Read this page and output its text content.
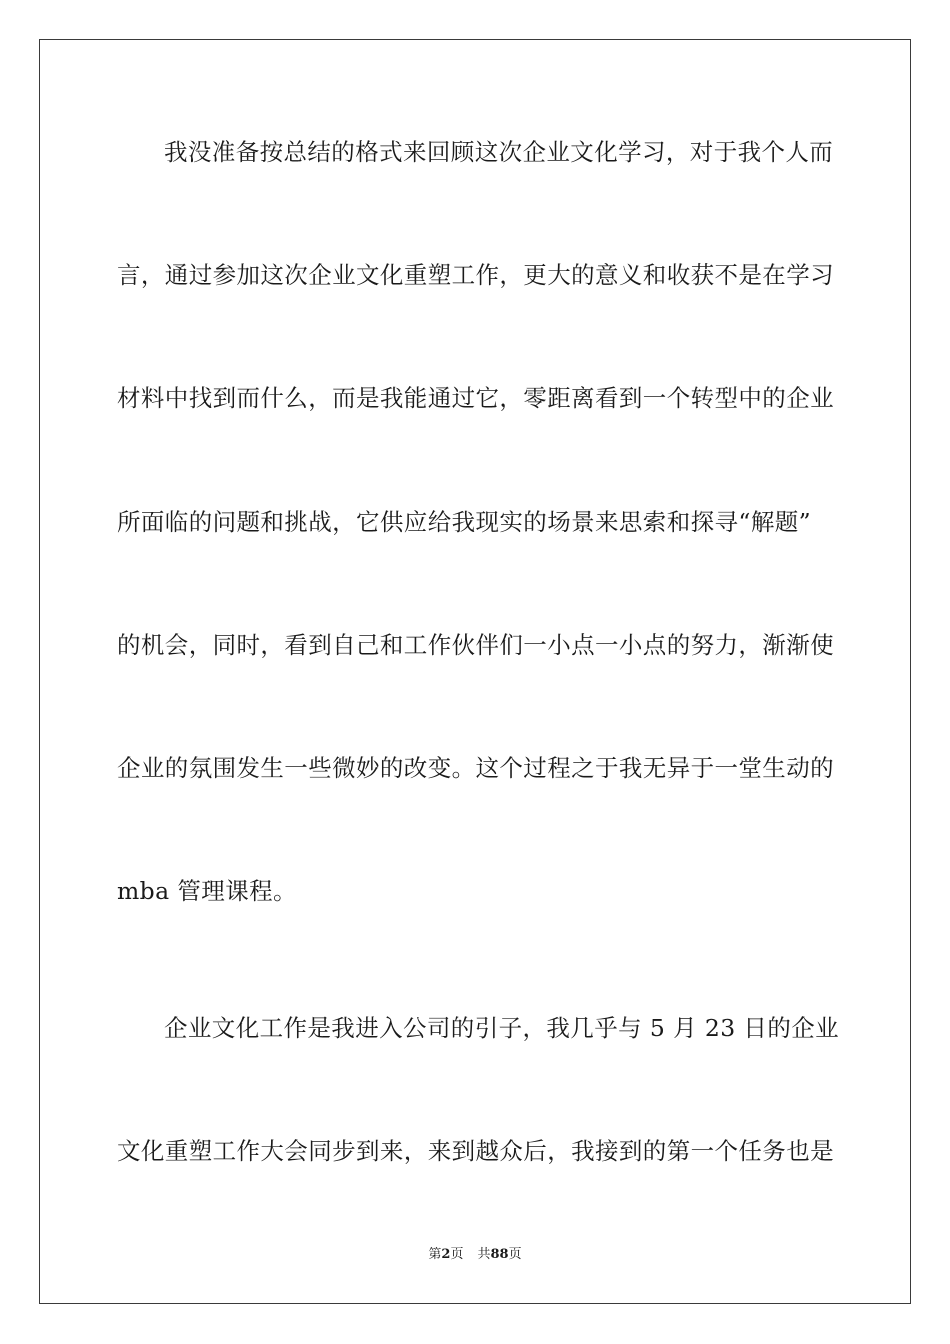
我没准备按总结的格式来回顾这次企业文化学习，对于我个人而
言，通过参加这次企业文化重塑工作，更大的意义和收获不是在学习
材料中找到而什么，而是我能通过它，零距离看到一个转型中的企业
所面临的问题和挑战，它供应给我现实的场景来思索和探寻“解题”
的机会，同时，看到自己和工作伙伴们一小点一小点的努力，渐渐使
企业的氛围发生一些微妙的改变。这个过程之于我无异于一堂生动的
mba 管理课程。
企业文化工作是我进入公司的引子，我几乎与 5 月 23 日的企业
文化重塑工作大会同步到来，来到越众后，我接到的第一个任务也是
第2页 共88页
